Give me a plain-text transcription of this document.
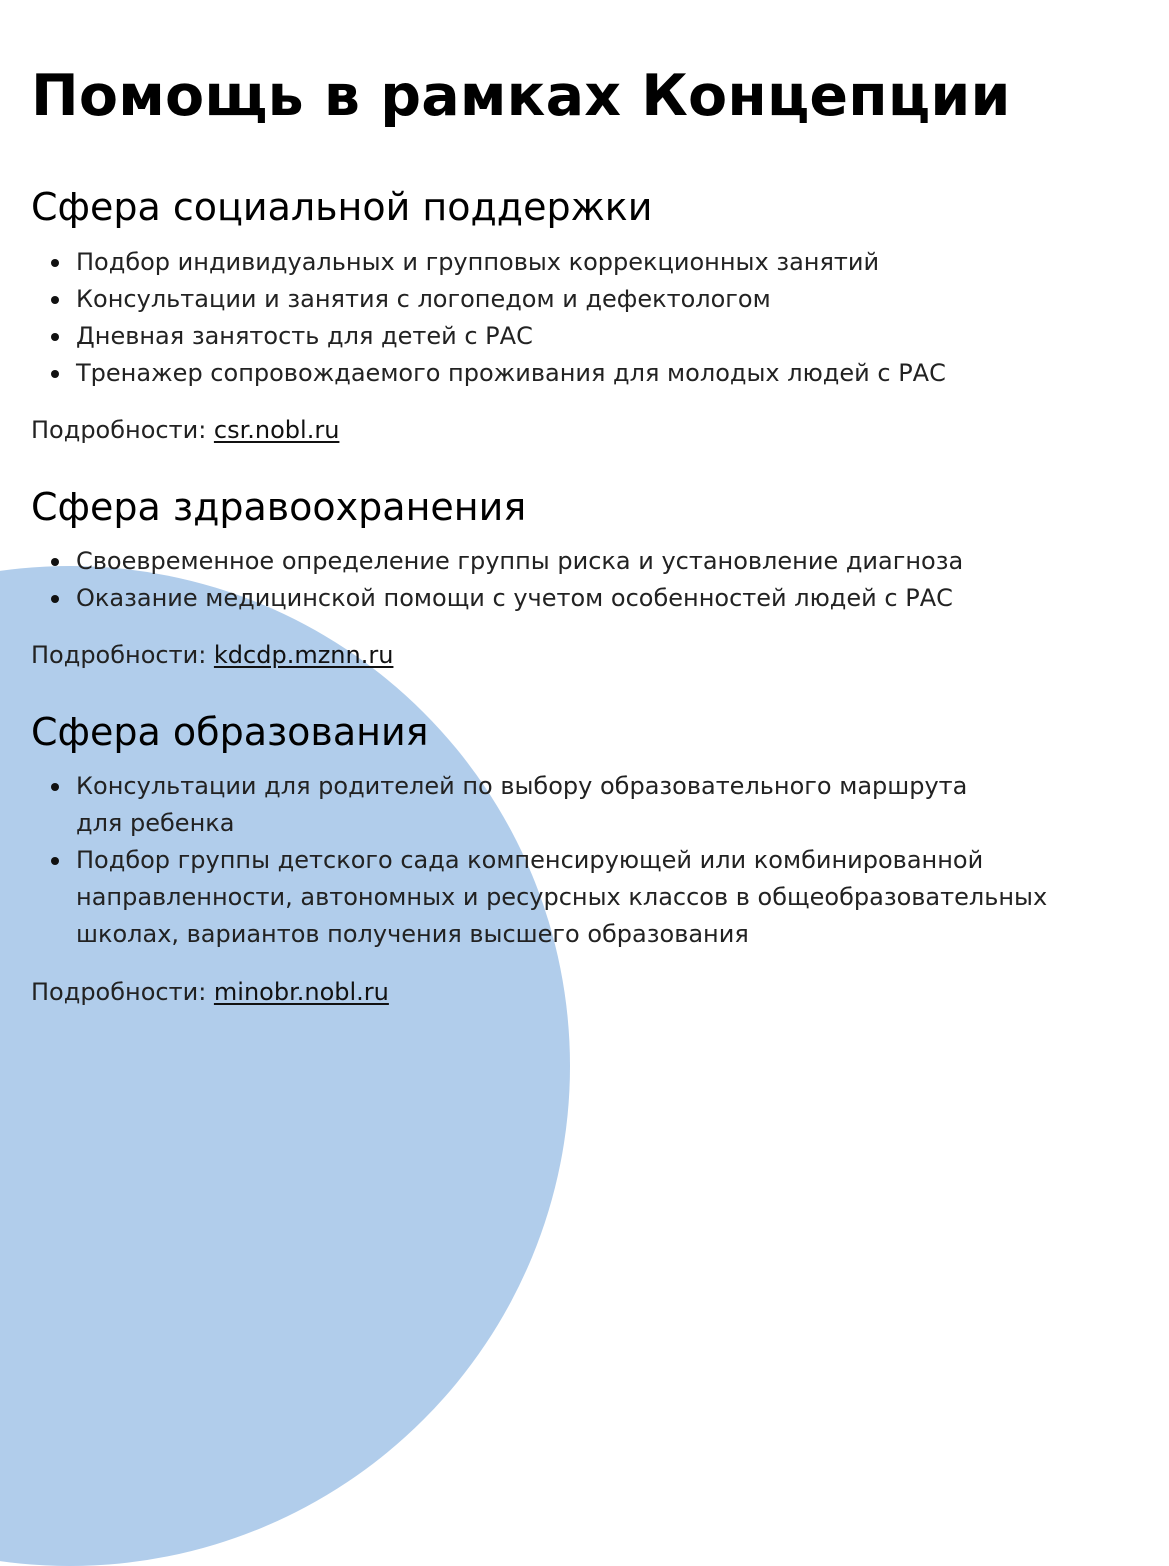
Помощь в рамках Концепции
Сфера социальной поддержки
Подбор индивидуальных и групповых коррекционных занятий
Консультации и занятия с логопедом и дефектологом
Дневная занятость для детей с РАС
Тренажер сопровождаемого проживания для молодых людей с РАС

Подробности: csr.nobl.ru

Сфера здравоохранения
Своевременное определение группы риска и установление диагноза
Оказание медицинской помощи с учетом особенностей людей с РАС

Подробности: kdcdp.mznn.ru

Сфера образования
Консультации для родителей по выбору образовательного маршрута
для ребенка
Подбор группы детского сада компенсирующей или комбинированной
направленности, автономных и ресурсных классов в общеобразовательных
школах, вариантов получения высшего образования

Подробности: minobr.nobl.ru
